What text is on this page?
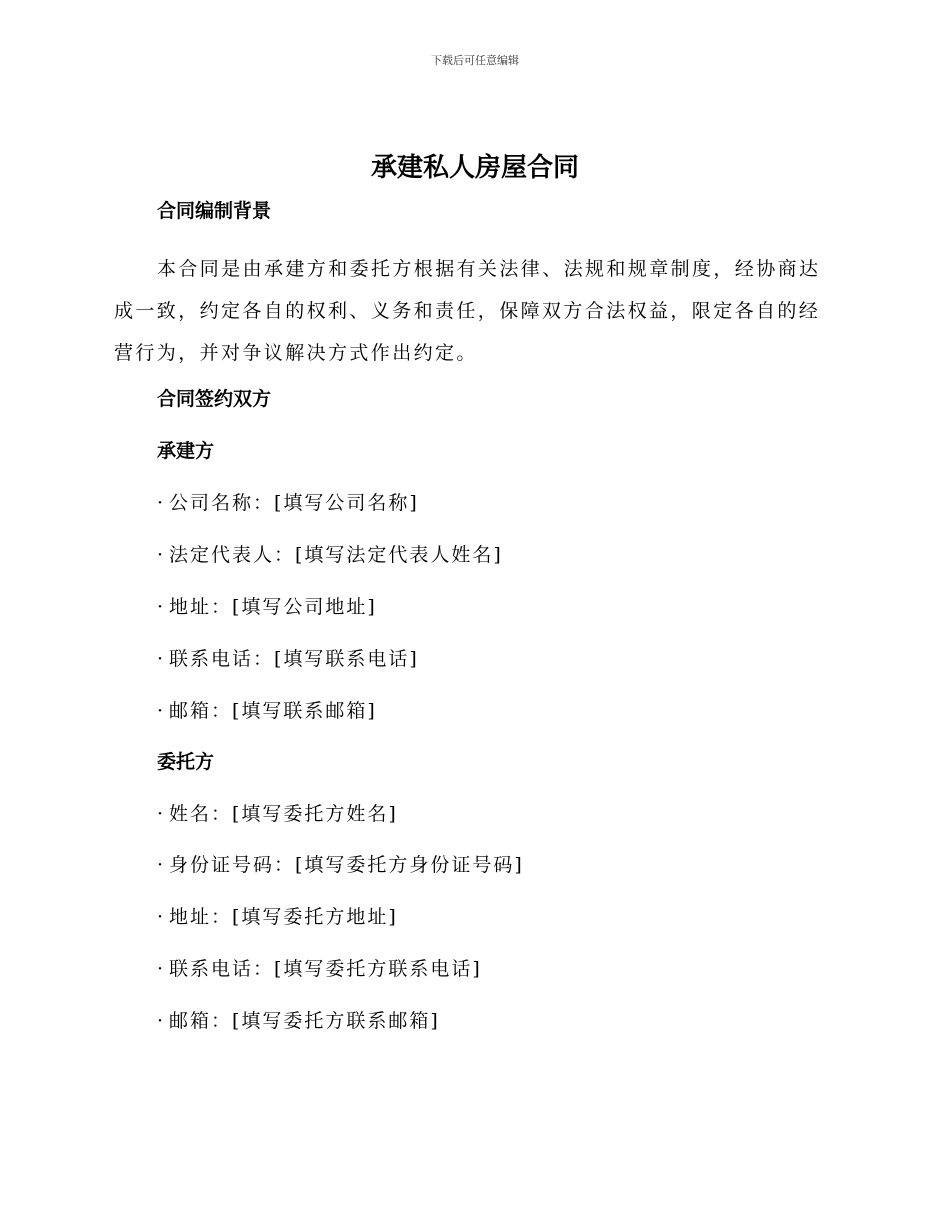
下载后可任意编辑
承建私人房屋合同
合同编制背景

本合同是由承建方和委托方根据有关法律、法规和规章制度，经协商达成一致，约定各自的权利、义务和责任，保障双方合法权益，限定各自的经营行为，并对争议解决方式作出约定。

合同签约双方
承建方

· 公司名称：[填写公司名称]

· 法定代表人：[填写法定代表人姓名]

· 地址：[填写公司地址]

· 联系电话：[填写联系电话]

· 邮箱：[填写联系邮箱]

委托方

· 姓名：[填写委托方姓名]

· 身份证号码：[填写委托方身份证号码]

· 地址：[填写委托方地址]

· 联系电话：[填写委托方联系电话]

· 邮箱：[填写委托方联系邮箱]
